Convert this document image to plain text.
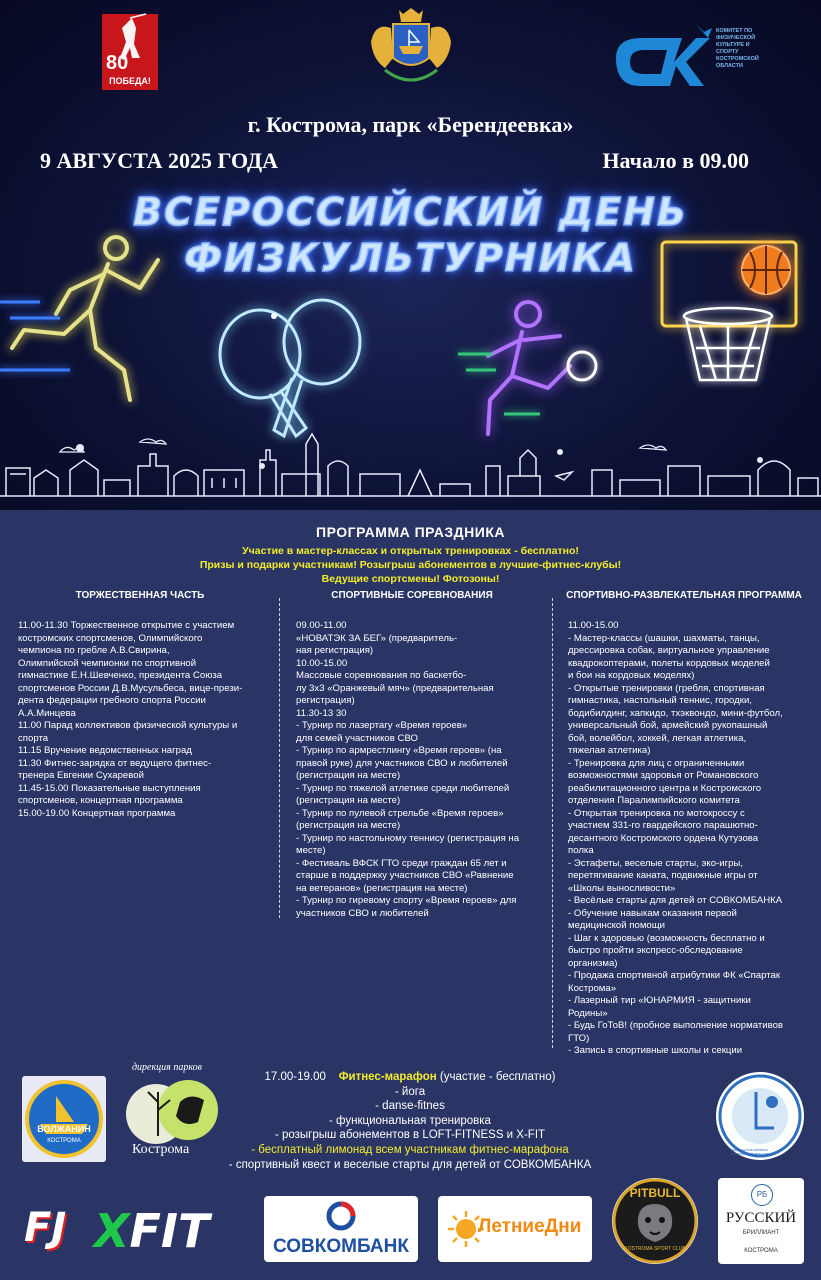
80
ПОБЕДА!
КОМИТЕТ ПО ФИЗИЧЕСКОЙ КУЛЬТУРЕ И СПОРТУ КОСТРОМСКОЙ ОБЛАСТИ
г. Кострома, парк «Берендеевка»
9 АВГУСТА 2025 ГОДА	Начало в 09.00
ВСЕРОССИЙСКИЙ ДЕНЬ
ФИЗКУЛЬТУРНИКА
ПРОГРАММА ПРАЗДНИКА
Участие в мастер-классах и открытых тренировках - бесплатно!
Призы и подарки участникам! Розыгрыш абонементов в лучшие-фитнес-клубы!
Ведущие спортсмены! Фотозоны!
ТОРЖЕСТВЕННАЯ ЧАСТЬ	СПОРТИВНЫЕ СОРЕВНОВАНИЯ	СПОРТИВНО-РАЗВЛЕКАТЕЛЬНАЯ ПРОГРАММА
11.00-11.30 Торжественное открытие с участием
костромских спортсменов, Олимпийского
чемпиона по гребле А.В.Свирина,
Олимпийской чемпионки по спортивной
гимнастике Е.Н.Шевченко, президента Союза
спортсменов России Д.В.Мусульбеса, вице-прези-
дента федерации гребного спорта России
А.А.Минцева
11.00 Парад коллективов физической культуры и
спорта
11.15 Вручение ведомственных наград
11.30 Фитнес-зарядка от ведущего фитнес-
тренера Евгении Сухаревой
11.45-15.00 Показательные выступления
спортсменов, концертная программа
15.00-19.00 Концертная программа
09.00-11.00
«НОВАТЭК ЗА БЕГ» (предваритель-
ная регистрация)
10.00-15.00
Массовые соревнования по баскетбо-
лу 3х3 «Оранжевый мяч» (предварительная
регистрация)
11.30-13 30
- Турнир по лазертагу «Время героев»
для семей участников СВО
- Турнир по армрестлингу «Время героев» (на
правой руке) для участников СВО и любителей
(регистрация на месте)
- Турнир по тяжелой атлетике среди любителей
(регистрация на месте)
- Турнир по пулевой стрельбе «Время героев»
(регистрация на месте)
- Турнир по настольному теннису (регистрация на
месте)
- Фестиваль ВФСК ГТО среди граждан 65 лет и
старше в поддержку участников СВО «Равнение
на ветеранов» (регистрация на месте)
- Турнир по гиревому спорту «Время героев» для
участников СВО и любителей
11.00-15.00
- Мастер-классы (шашки, шахматы, танцы,
дрессировка собак, виртуальное управление
квадрокоптерами, полеты кордовых моделей
и бои на кордовых моделях)
- Открытые тренировки (гребля, спортивная
гимнастика, настольный теннис, городки,
бодибилдинг, хапкидо, тхэквондо, мини-футбол,
универсальный бой, армейский рукопашный
бой, волейбол, хоккей, легкая атлетика,
тяжелая атлетика)
- Тренировка для лиц с ограниченными
возможностями здоровья от Романовского
реабилитационного центра и Костромского
отделения Паралимпийского комитета
- Открытая тренировка по мотокроссу с
участием 331-го гвардейского парашютно-
десантного Костромского ордена Кутузова
полка
- Эстафеты, веселые старты, эко-игры,
перетягивание каната, подвижные игры от
«Школы выносливости»
- Весёлые старты для детей от СОВКОМБАНКА
- Обучение навыкам оказания первой
медицинской помощи
- Шаг к здоровью (возможность бесплатно и
быстро пройти экспресс-обследование
организма)
- Продажа спортивной атрибутики ФК «Спартак
Кострома»
- Лазерный тир «ЮНАРМИЯ - защитники
Родины»
- Будь ГоТоВ! (пробное выполнение нормативов
ГТО)
- Запись в спортивные школы и секции
ВОЛЖАНИН
КОСТРОМА
дирекция парков
Кострома
17.00-19.00 Фитнес-марафон (участие - бесплатно)
- йога
- danse-fitnes
- функциональная тренировка
- розыгрыш абонементов в LOFT-FITNESS и X-FIT
- бесплатный лимонад всем участникам фитнес-марафона
- спортивный квест и веселые старты для детей от СОВКОМБАНКА
ФЕДЕРАЦИЯ ВОЛЕЙБОЛА КОСТРОМСКОЙ ОБЛАСТИ
FJ XFIT	СОВКОМБАНК
ЛетниеДни
PITBULL
KOSTROMA SPORT CLUB
РБ
РУССКИЙ
БРИЛЛИАНТ
КОСТРОМА
